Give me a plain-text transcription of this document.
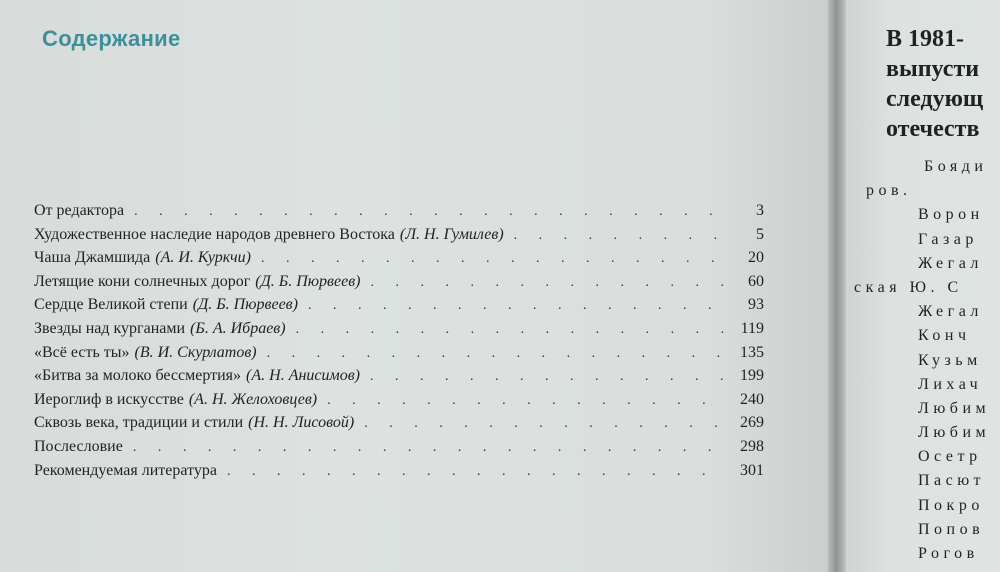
Содержание
От редактора . . .	3
Художественное наследие народов древнего Востока (Л. Н. Гумилев) . . .	5
Чаша Джамшида (А. И. Куркчи) . . .	20
Летящие кони солнечных дорог (Д. Б. Пюрвеев) . . .	60
Сердце Великой степи (Д. Б. Пюрвеев) . . .	93
Звезды над курганами (Б. А. Ибраев) . . .	119
«Всё есть ты» (В. И. Скурлатов) . . .	135
«Битва за молоко бессмертия» (А. Н. Анисимов) . . .	199
Иероглиф в искусстве (А. Н. Желоховцев) . . .	240
Сквозь века, традиции и стили (Н. Н. Лисовой) . . .	269
Послесловие . . .	298
Рекомендуемая литература . . .	301
В 1981-
выпусти
следующ
отечеств
Бояди
ров.
Ворон
Газар
Жегал
ская Ю. С
Жегал
Конч
Кузьм
Лихач
Любим
Любим
Осетр
Пасют
Покро
Попов
Рогов
